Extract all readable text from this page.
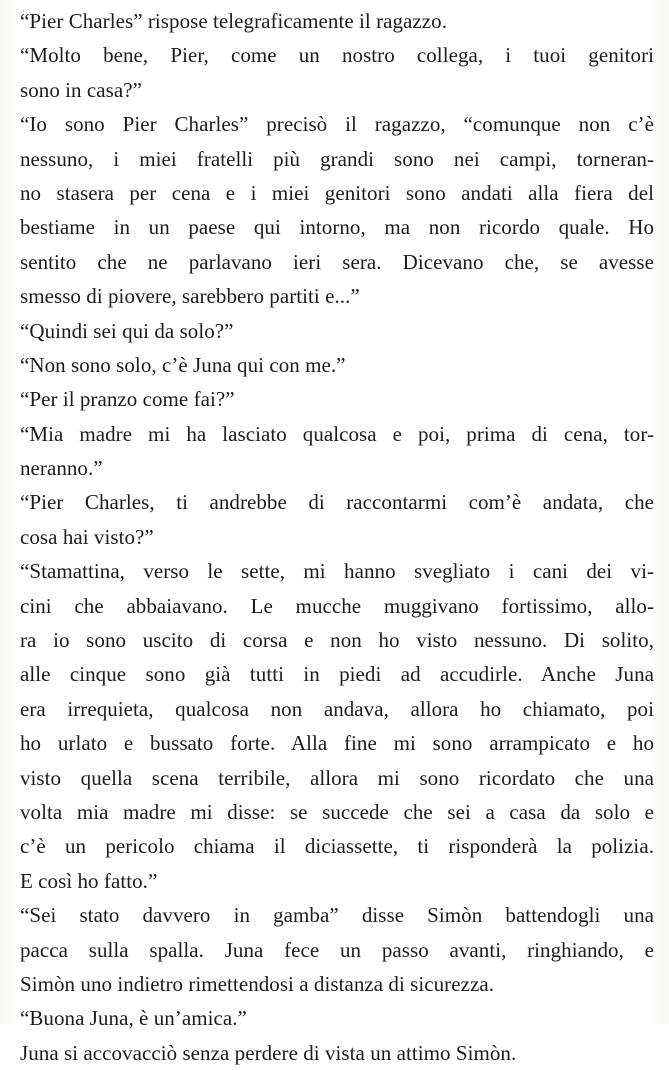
“Pier Charles” rispose telegraficamente il ragazzo.
“Molto bene, Pier, come un nostro collega, i tuoi genitori
sono in casa?”
“Io sono Pier Charles” precisò il ragazzo, “comunque non c’è
nessuno, i miei fratelli più grandi sono nei campi, torneran-
no stasera per cena e i miei genitori sono andati alla fiera del
bestiame in un paese qui intorno, ma non ricordo quale. Ho
sentito che ne parlavano ieri sera. Dicevano che, se avesse
smesso di piovere, sarebbero partiti e...”
“Quindi sei qui da solo?”
“Non sono solo, c’è Juna qui con me.”
“Per il pranzo come fai?”
“Mia madre mi ha lasciato qualcosa e poi, prima di cena, tor-
neranno.”
“Pier Charles, ti andrebbe di raccontarmi com’è andata, che
cosa hai visto?”
“Stamattina, verso le sette, mi hanno svegliato i cani dei vi-
cini che abbaiavano. Le mucche muggivano fortissimo, allo-
ra io sono uscito di corsa e non ho visto nessuno. Di solito,
alle cinque sono già tutti in piedi ad accudirle. Anche Juna
era irrequieta, qualcosa non andava, allora ho chiamato, poi
ho urlato e bussato forte. Alla fine mi sono arrampicato e ho
visto quella scena terribile, allora mi sono ricordato che una
volta mia madre mi disse: se succede che sei a casa da solo e
c’è un pericolo chiama il diciassette, ti risponderà la polizia.
E così ho fatto.”
“Sei stato davvero in gamba” disse Simòn battendogli una
pacca sulla spalla. Juna fece un passo avanti, ringhiando, e
Simòn uno indietro rimettendosi a distanza di sicurezza.
“Buona Juna, è un’amica.”
Juna si accovacciò senza perdere di vista un attimo Simòn.
